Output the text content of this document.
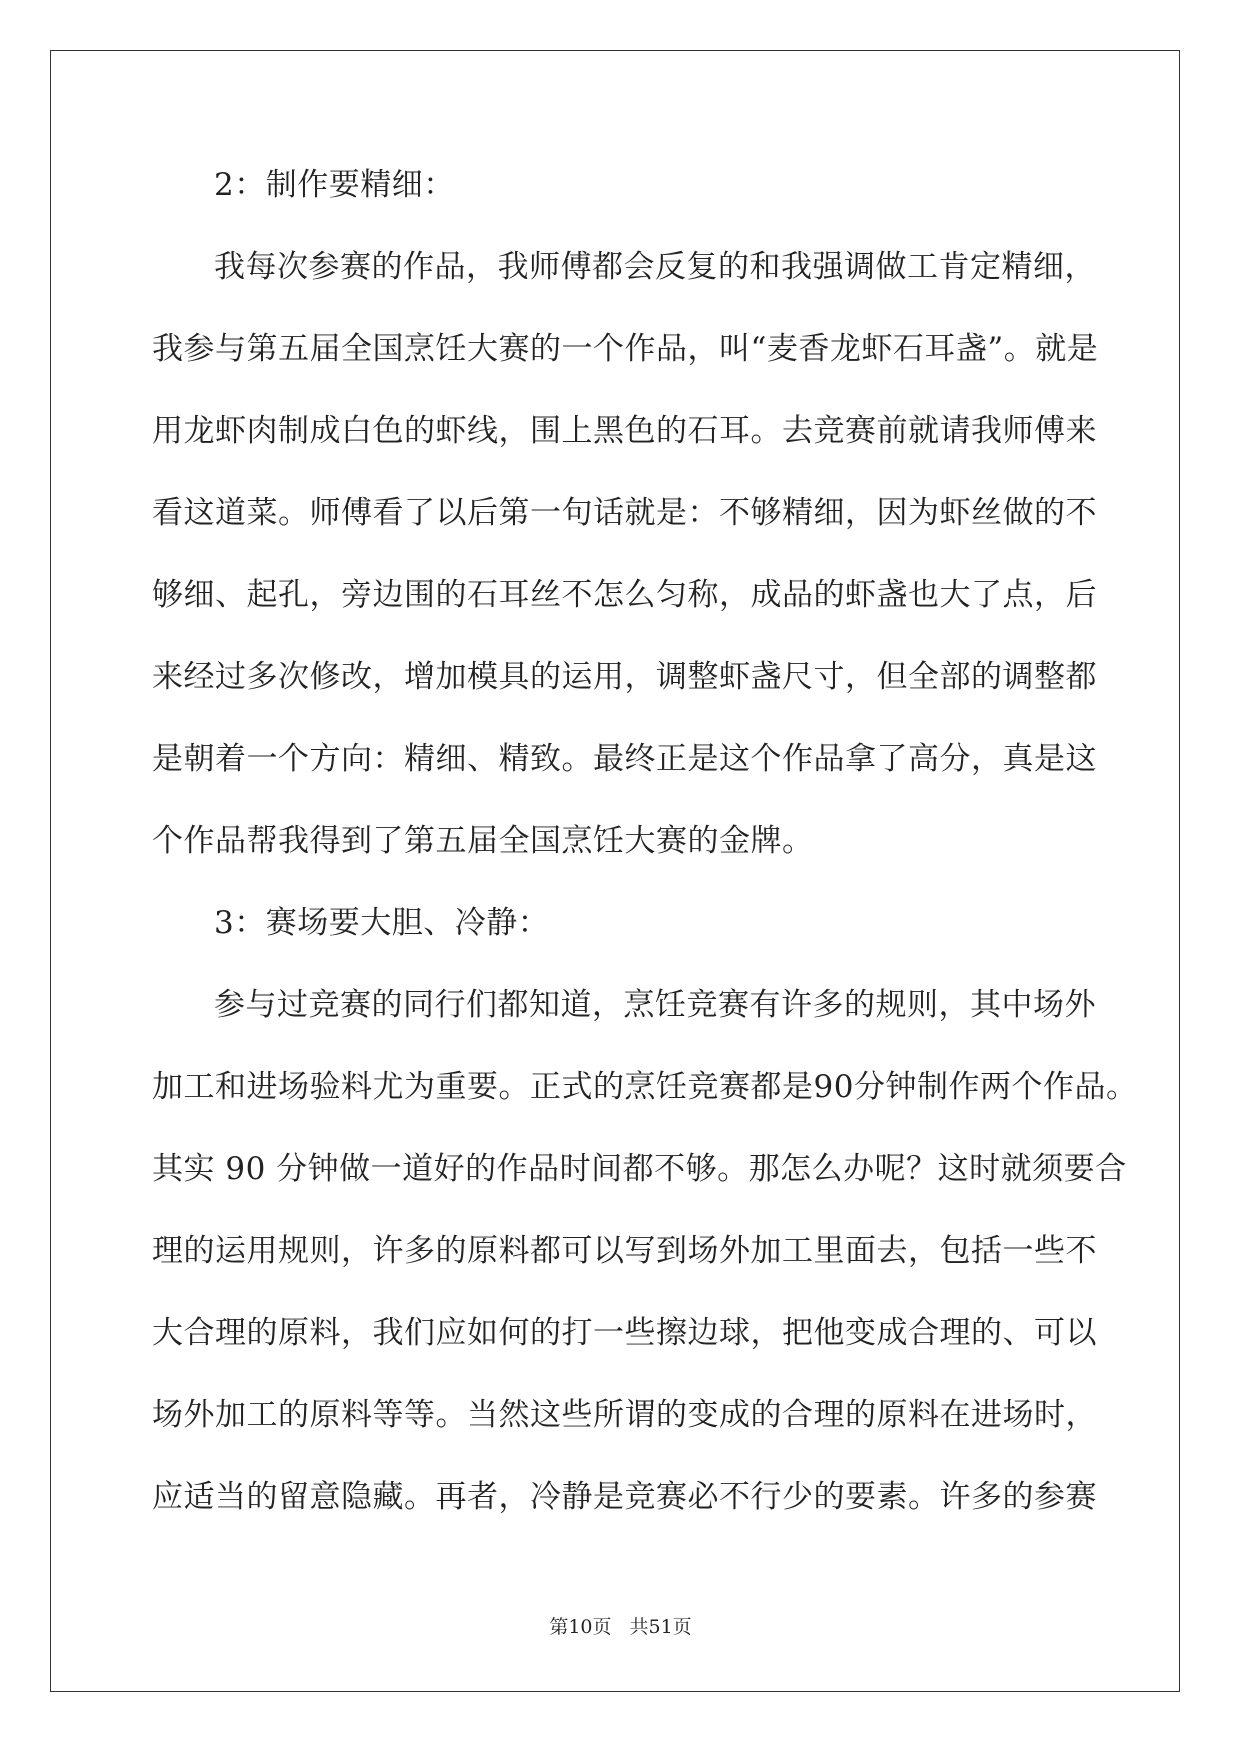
2：制作要精细：
我每次参赛的作品，我师傅都会反复的和我强调做工肯定精细，
我参与第五届全国烹饪大赛的一个作品，叫“麦香龙虾石耳盏”。就是
用龙虾肉制成白色的虾线，围上黑色的石耳。去竞赛前就请我师傅来
看这道菜。师傅看了以后第一句话就是：不够精细，因为虾丝做的不
够细、起孔，旁边围的石耳丝不怎么匀称，成品的虾盏也大了点，后
来经过多次修改，增加模具的运用，调整虾盏尺寸，但全部的调整都
是朝着一个方向：精细、精致。最终正是这个作品拿了高分，真是这
个作品帮我得到了第五届全国烹饪大赛的金牌。
3：赛场要大胆、冷静：
参与过竞赛的同行们都知道，烹饪竞赛有许多的规则，其中场外
加工和进场验料尤为重要。正式的烹饪竞赛都是90分钟制作两个作品。
其实 90 分钟做一道好的作品时间都不够。那怎么办呢？这时就须要合
理的运用规则，许多的原料都可以写到场外加工里面去，包括一些不
大合理的原料，我们应如何的打一些擦边球，把他变成合理的、可以
场外加工的原料等等。当然这些所谓的变成的合理的原料在进场时，
应适当的留意隐藏。再者，冷静是竞赛必不行少的要素。许多的参赛
第10页 共51页
